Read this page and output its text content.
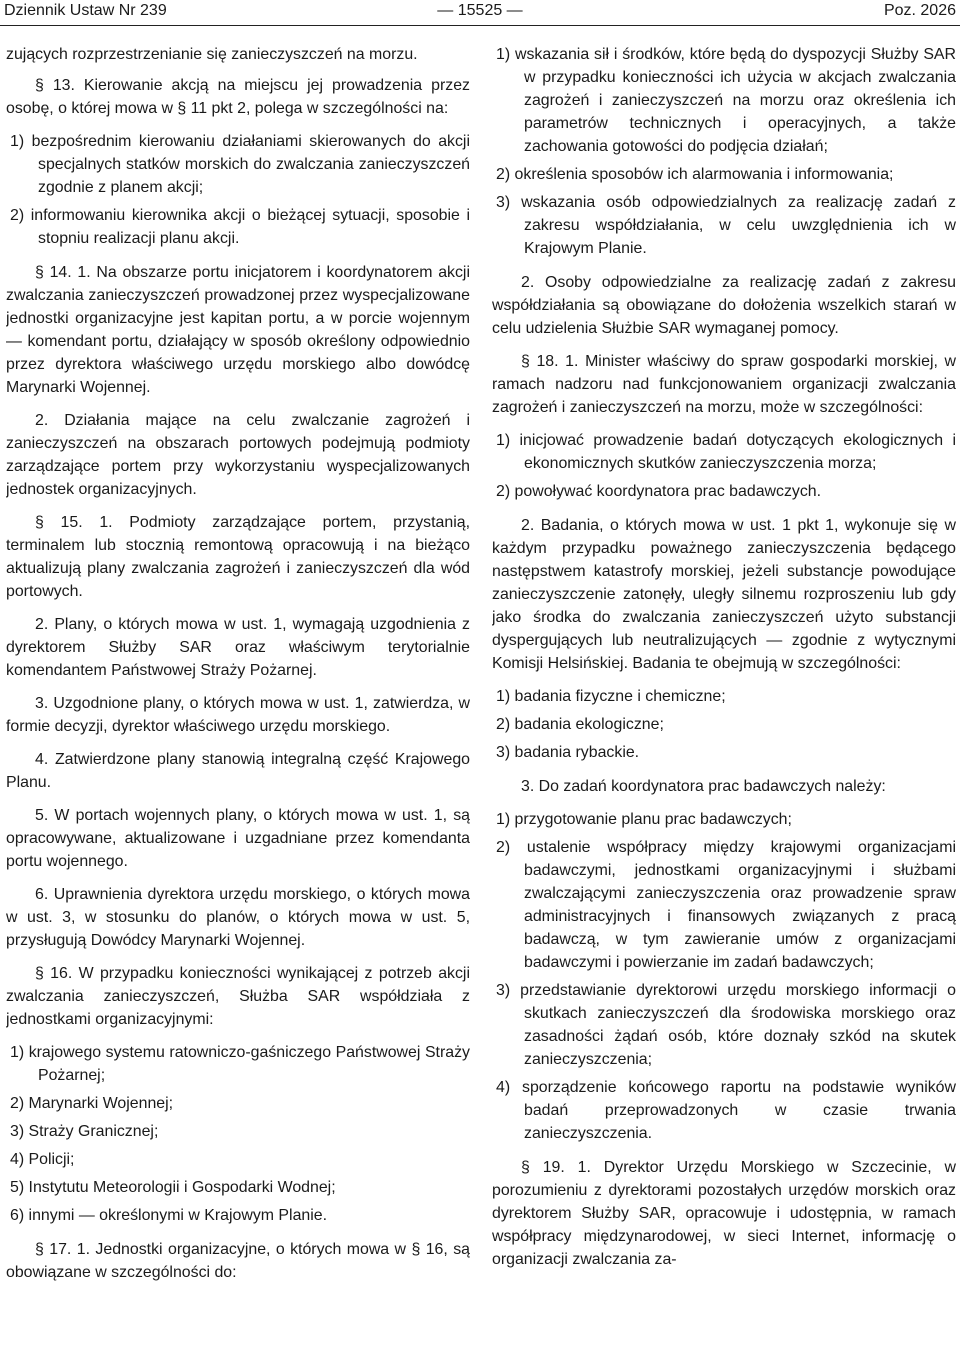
Dziennik Ustaw Nr 239	— 15525 —	Poz. 2026

zujących rozprzestrzenianie się zanieczyszczeń na morzu.

§ 13. Kierowanie akcją na miejscu jej prowadzenia przez osobę, o której mowa w § 11 pkt 2, polega w szczególności na:

1) bezpośrednim kierowaniu działaniami skierowanych do akcji specjalnych statków morskich do zwalczania zanieczyszczeń zgodnie z planem akcji;

2) informowaniu kierownika akcji o bieżącej sytuacji, sposobie i stopniu realizacji planu akcji.

§ 14. 1. Na obszarze portu inicjatorem i koordynatorem akcji zwalczania zanieczyszczeń prowadzonej przez wyspecjalizowane jednostki organizacyjne jest kapitan portu, a w porcie wojennym — komendant portu, działający w sposób określony odpowiednio przez dyrektora właściwego urzędu morskiego albo dowódcę Marynarki Wojennej.

2. Działania mające na celu zwalczanie zagrożeń i zanieczyszczeń na obszarach portowych podejmują podmioty zarządzające portem przy wykorzystaniu wyspecjalizowanych jednostek organizacyjnych.

§ 15. 1. Podmioty zarządzające portem, przystanią, terminalem lub stocznią remontową opracowują i na bieżąco aktualizują plany zwalczania zagrożeń i zanieczyszczeń dla wód portowych.

2. Plany, o których mowa w ust. 1, wymagają uzgodnienia z dyrektorem Służby SAR oraz właściwym terytorialnie komendantem Państwowej Straży Pożarnej.

3. Uzgodnione plany, o których mowa w ust. 1, zatwierdza, w formie decyzji, dyrektor właściwego urzędu morskiego.

4. Zatwierdzone plany stanowią integralną część Krajowego Planu.

5. W portach wojennych plany, o których mowa w ust. 1, są opracowywane, aktualizowane i uzgadniane przez komendanta portu wojennego.

6. Uprawnienia dyrektora urzędu morskiego, o których mowa w ust. 3, w stosunku do planów, o których mowa w ust. 5, przysługują Dowódcy Marynarki Wojennej.

§ 16. W przypadku konieczności wynikającej z potrzeb akcji zwalczania zanieczyszczeń, Służba SAR współdziała z jednostkami organizacyjnymi:

1) krajowego systemu ratowniczo-gaśniczego Państwowej Straży Pożarnej;

2) Marynarki Wojennej;

3) Straży Granicznej;

4) Policji;

5) Instytutu Meteorologii i Gospodarki Wodnej;

6) innymi — określonymi w Krajowym Planie.

§ 17. 1. Jednostki organizacyjne, o których mowa w § 16, są obowiązane w szczególności do:

1) wskazania sił i środków, które będą do dyspozycji Służby SAR w przypadku konieczności ich użycia w akcjach zwalczania zagrożeń i zanieczyszczeń na morzu oraz określenia ich parametrów technicznych i operacyjnych, a także zachowania gotowości do podjęcia działań;

2) określenia sposobów ich alarmowania i informowania;

3) wskazania osób odpowiedzialnych za realizację zadań z zakresu współdziałania, w celu uwzględnienia ich w Krajowym Planie.

2. Osoby odpowiedzialne za realizację zadań z zakresu współdziałania są obowiązane do dołożenia wszelkich starań w celu udzielenia Służbie SAR wymaganej pomocy.

§ 18. 1. Minister właściwy do spraw gospodarki morskiej, w ramach nadzoru nad funkcjonowaniem organizacji zwalczania zagrożeń i zanieczyszczeń na morzu, może w szczególności:

1) inicjować prowadzenie badań dotyczących ekologicznych i ekonomicznych skutków zanieczyszczenia morza;

2) powoływać koordynatora prac badawczych.

2. Badania, o których mowa w ust. 1 pkt 1, wykonuje się w każdym przypadku poważnego zanieczyszczenia będącego następstwem katastrofy morskiej, jeżeli substancje powodujące zanieczyszczenie zatonęły, uległy silnemu rozproszeniu lub gdy jako środka do zwalczania zanieczyszczeń użyto substancji dyspergujących lub neutralizujących — zgodnie z wytycznymi Komisji Helsińskiej. Badania te obejmują w szczególności:

1) badania fizyczne i chemiczne;

2) badania ekologiczne;

3) badania rybackie.

3. Do zadań koordynatora prac badawczych należy:

1) przygotowanie planu prac badawczych;

2) ustalenie współpracy między krajowymi organizacjami badawczymi, jednostkami organizacyjnymi i służbami zwalczającymi zanieczyszczenia oraz prowadzenie spraw administracyjnych i finansowych związanych z pracą badawczą, w tym zawieranie umów z organizacjami badawczymi i powierzanie im zadań badawczych;

3) przedstawianie dyrektorowi urzędu morskiego informacji o skutkach zanieczyszczeń dla środowiska morskiego oraz zasadności żądań osób, które doznały szkód na skutek zanieczyszczenia;

4) sporządzenie końcowego raportu na podstawie wyników badań przeprowadzonych w czasie trwania zanieczyszczenia.

§ 19. 1. Dyrektor Urzędu Morskiego w Szczecinie, w porozumieniu z dyrektorami pozostałych urzędów morskich oraz dyrektorem Służby SAR, opracowuje i udostępnia, w ramach współpracy międzynarodowej, w sieci Internet, informację o organizacji zwalczania za-
